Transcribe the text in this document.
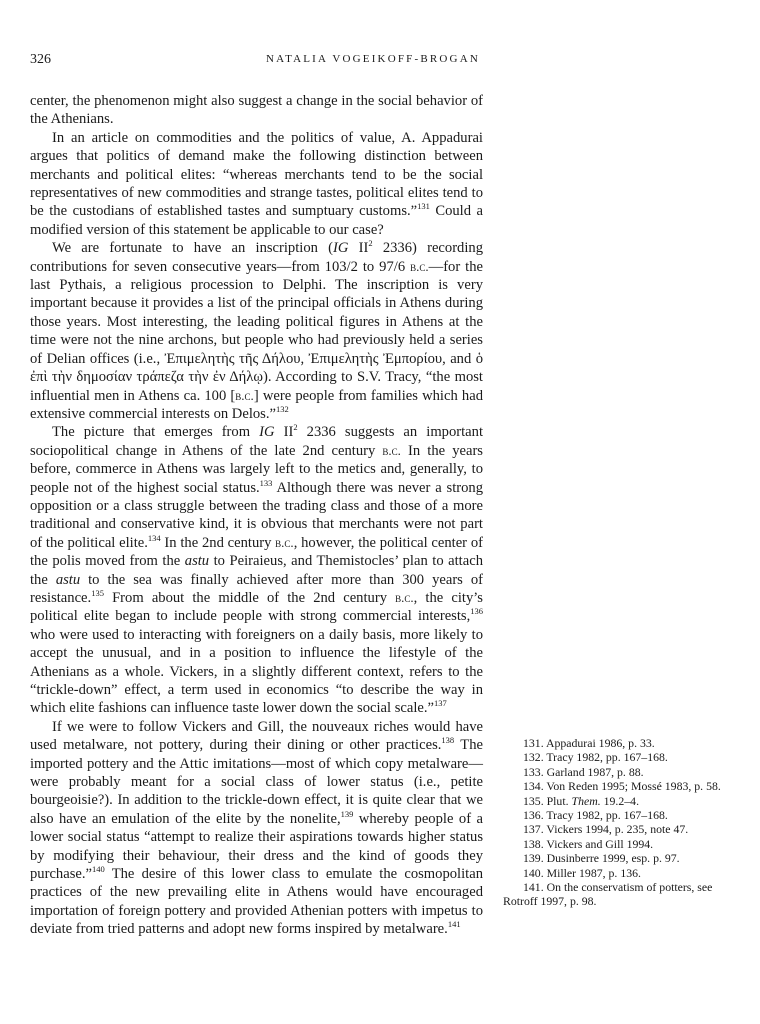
326	NATALIA VOGEIKOFF-BROGAN

center, the phenomenon might also suggest a change in the social behavior of the Athenians.

In an article on commodities and the politics of value, A. Appadurai argues that politics of demand make the following distinction between merchants and political elites: “whereas merchants tend to be the social representatives of new commodities and strange tastes, political elites tend to be the custodians of established tastes and sumptuary customs.”$^{131}$ Could a modified version of this statement be applicable to our case?

We are fortunate to have an inscription (IG $II^2$ 2336) recording contributions for seven consecutive years—from 103/2 to 97/6 b.c.—for the last Pythais, a religious procession to Delphi. The inscription is very important because it provides a list of the principal officials in Athens during those years. Most interesting, the leading political figures in Athens at the time were not the nine archons, but people who had previously held a series of Delian offices (i.e., Ἐπιμελητὴς τῆς Δήλου, Ἐπιμελητὴς Ἐμπορίου, and ὁ ἐπὶ τὴν δημοσίαν τράπεζα τὴν ἐν Δήλῳ). According to S.V. Tracy, “the most influential men in Athens ca. 100 [b.c.] were people from families which had extensive commercial interests on Delos.”$^{132}$

The picture that emerges from IG $II^2$ 2336 suggests an important sociopolitical change in Athens of the late 2nd century b.c. In the years before, commerce in Athens was largely left to the metics and, generally, to people not of the highest social status.$^{133}$ Although there was never a strong opposition or a class struggle between the trading class and those of a more traditional and conservative kind, it is obvious that merchants were not part of the political elite.$^{134}$ In the 2nd century b.c., however, the political center of the polis moved from the astu to Peiraieus, and Themistocles’ plan to attach the astu to the sea was finally achieved after more than 300 years of resistance.$^{135}$ From about the middle of the 2nd century b.c., the city’s political elite began to include people with strong commercial interests,$^{136}$ who were used to interacting with foreigners on a daily basis, more likely to accept the unusual, and in a position to influence the lifestyle of the Athenians as a whole. Vickers, in a slightly different context, refers to the “trickle-down” effect, a term used in economics “to describe the way in which elite fashions can influence taste lower down the social scale.”$^{137}$

If we were to follow Vickers and Gill, the nouveaux riches would have used metalware, not pottery, during their dining or other practices.$^{138}$ The imported pottery and the Attic imitations—most of which copy metalware—were probably meant for a social class of lower status (i.e., petite bourgeoisie?). In addition to the trickle-down effect, it is quite clear that we also have an emulation of the elite by the nonelite,$^{139}$ whereby people of a lower social status “attempt to realize their aspirations towards higher status by modifying their behaviour, their dress and the kind of goods they purchase.”$^{140}$ The desire of this lower class to emulate the cosmopolitan practices of the new prevailing elite in Athens would have encouraged importation of foreign pottery and provided Athenian potters with impetus to deviate from tried patterns and adopt new forms inspired by metalware.$^{141}$

131. Appadurai 1986, p. 33.

132. Tracy 1982, pp. 167–168.

133. Garland 1987, p. 88.

134. Von Reden 1995; Mossé 1983, p. 58.

135. Plut. Them. 19.2–4.

136. Tracy 1982, pp. 167–168.

137. Vickers 1994, p. 235, note 47.

138. Vickers and Gill 1994.

139. Dusinberre 1999, esp. p. 97.

140. Miller 1987, p. 136.

141. On the conservatism of potters, see Rotroff 1997, p. 98.
